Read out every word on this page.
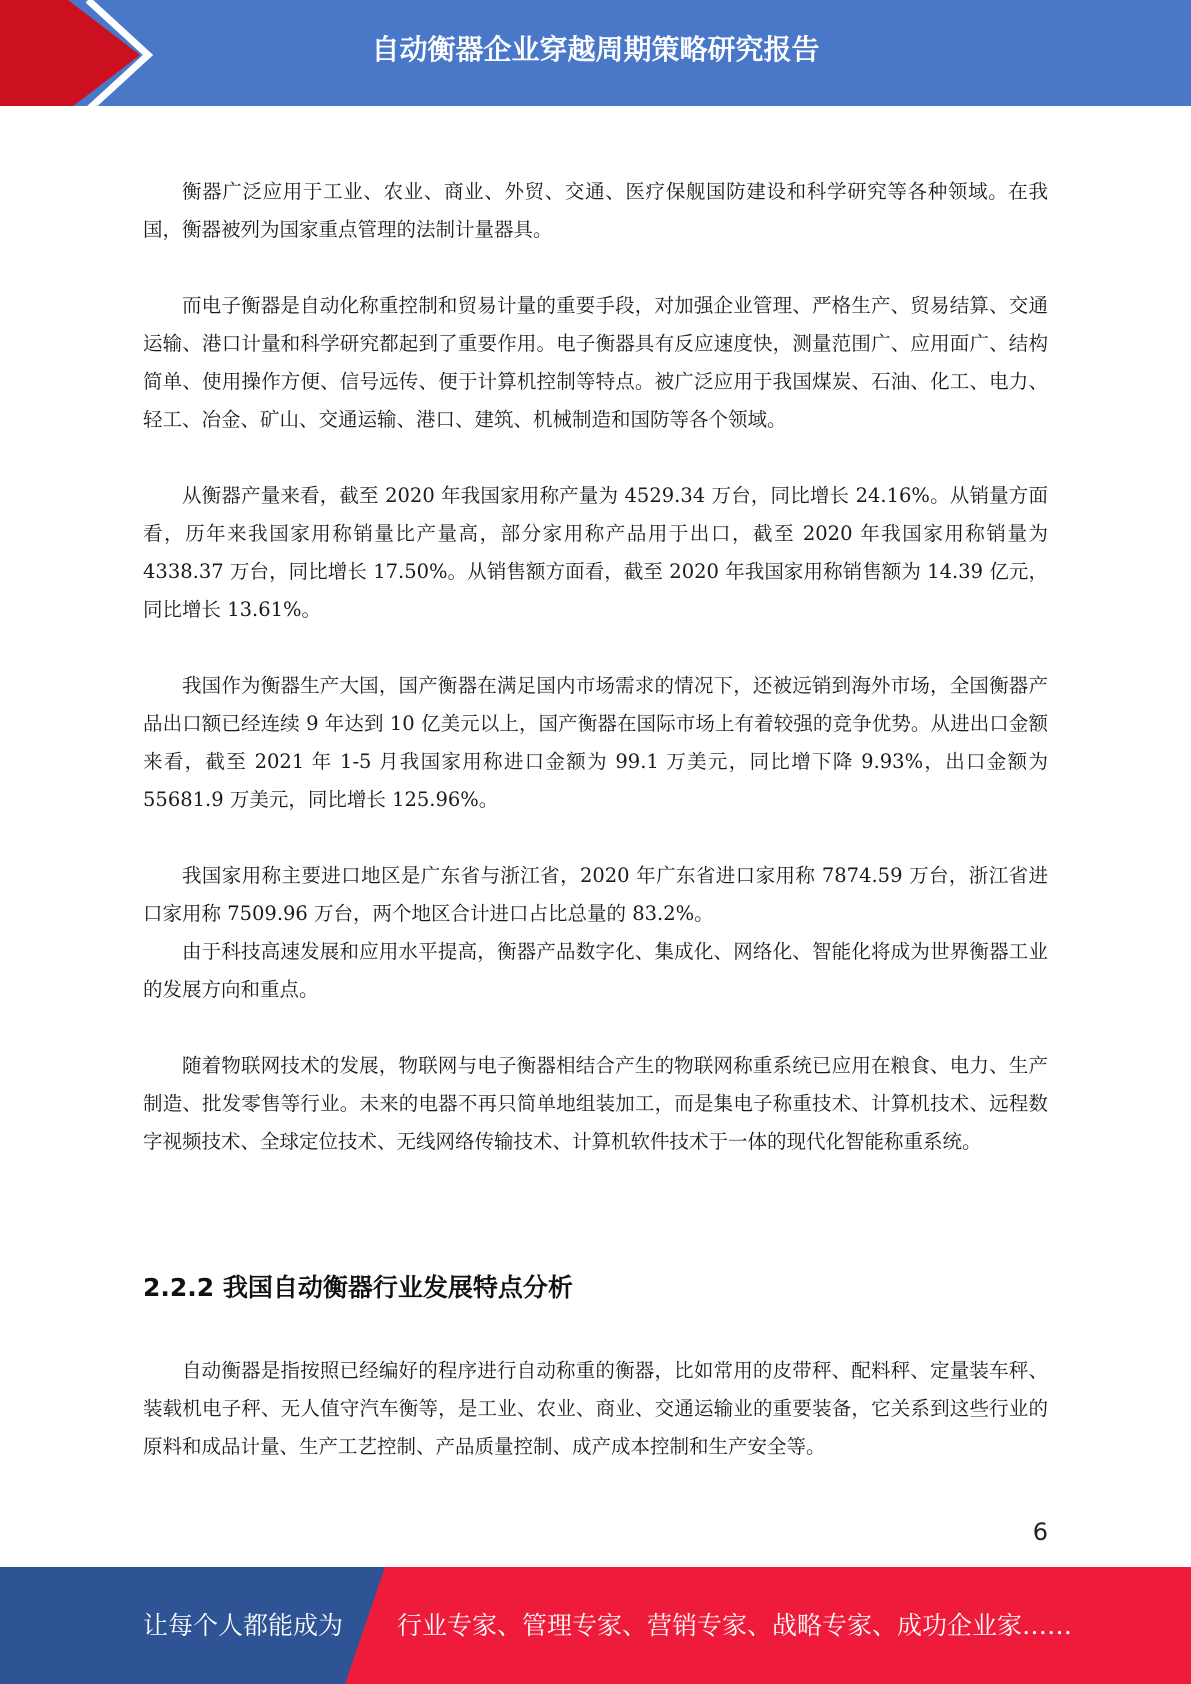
自动衡器企业穿越周期策略研究报告

衡器广泛应用于工业、农业、商业、外贸、交通、医疗保舰国防建设和科学研究等各种领域。在我国，衡器被列为国家重点管理的法制计量器具。

而电子衡器是自动化称重控制和贸易计量的重要手段，对加强企业管理、严格生产、贸易结算、交通运输、港口计量和科学研究都起到了重要作用。电子衡器具有反应速度快，测量范围广、应用面广、结构简单、使用操作方便、信号远传、便于计算机控制等特点。被广泛应用于我国煤炭、石油、化工、电力、轻工、冶金、矿山、交通运输、港口、建筑、机械制造和国防等各个领域。

从衡器产量来看，截至 2020 年我国家用称产量为 4529.34 万台，同比增长 24.16%。从销量方面看，历年来我国家用称销量比产量高，部分家用称产品用于出口，截至 2020 年我国家用称销量为 4338.37 万台，同比增长 17.50%。从销售额方面看，截至 2020 年我国家用称销售额为 14.39 亿元，同比增长 13.61%。

我国作为衡器生产大国，国产衡器在满足国内市场需求的情况下，还被远销到海外市场，全国衡器产品出口额已经连续 9 年达到 10 亿美元以上，国产衡器在国际市场上有着较强的竞争优势。从进出口金额来看，截至 2021 年 1-5 月我国家用称进口金额为 99.1 万美元，同比增下降 9.93%，出口金额为 55681.9 万美元，同比增长 125.96%。

我国家用称主要进口地区是广东省与浙江省，2020 年广东省进口家用称 7874.59 万台，浙江省进口家用称 7509.96 万台，两个地区合计进口占比总量的 83.2%。

由于科技高速发展和应用水平提高，衡器产品数字化、集成化、网络化、智能化将成为世界衡器工业的发展方向和重点。

随着物联网技术的发展，物联网与电子衡器相结合产生的物联网称重系统已应用在粮食、电力、生产制造、批发零售等行业。未来的电器不再只简单地组装加工，而是集电子称重技术、计算机技术、远程数字视频技术、全球定位技术、无线网络传输技术、计算机软件技术于一体的现代化智能称重系统。

2.2.2 我国自动衡器行业发展特点分析

自动衡器是指按照已经编好的程序进行自动称重的衡器，比如常用的皮带秤、配料秤、定量装车秤、装载机电子秤、无人值守汽车衡等，是工业、农业、商业、交通运输业的重要装备，它关系到这些行业的原料和成品计量、生产工艺控制、产品质量控制、成产成本控制和生产安全等。

6
让每个人都能成为 行业专家、管理专家、营销专家、战略专家、成功企业家……
